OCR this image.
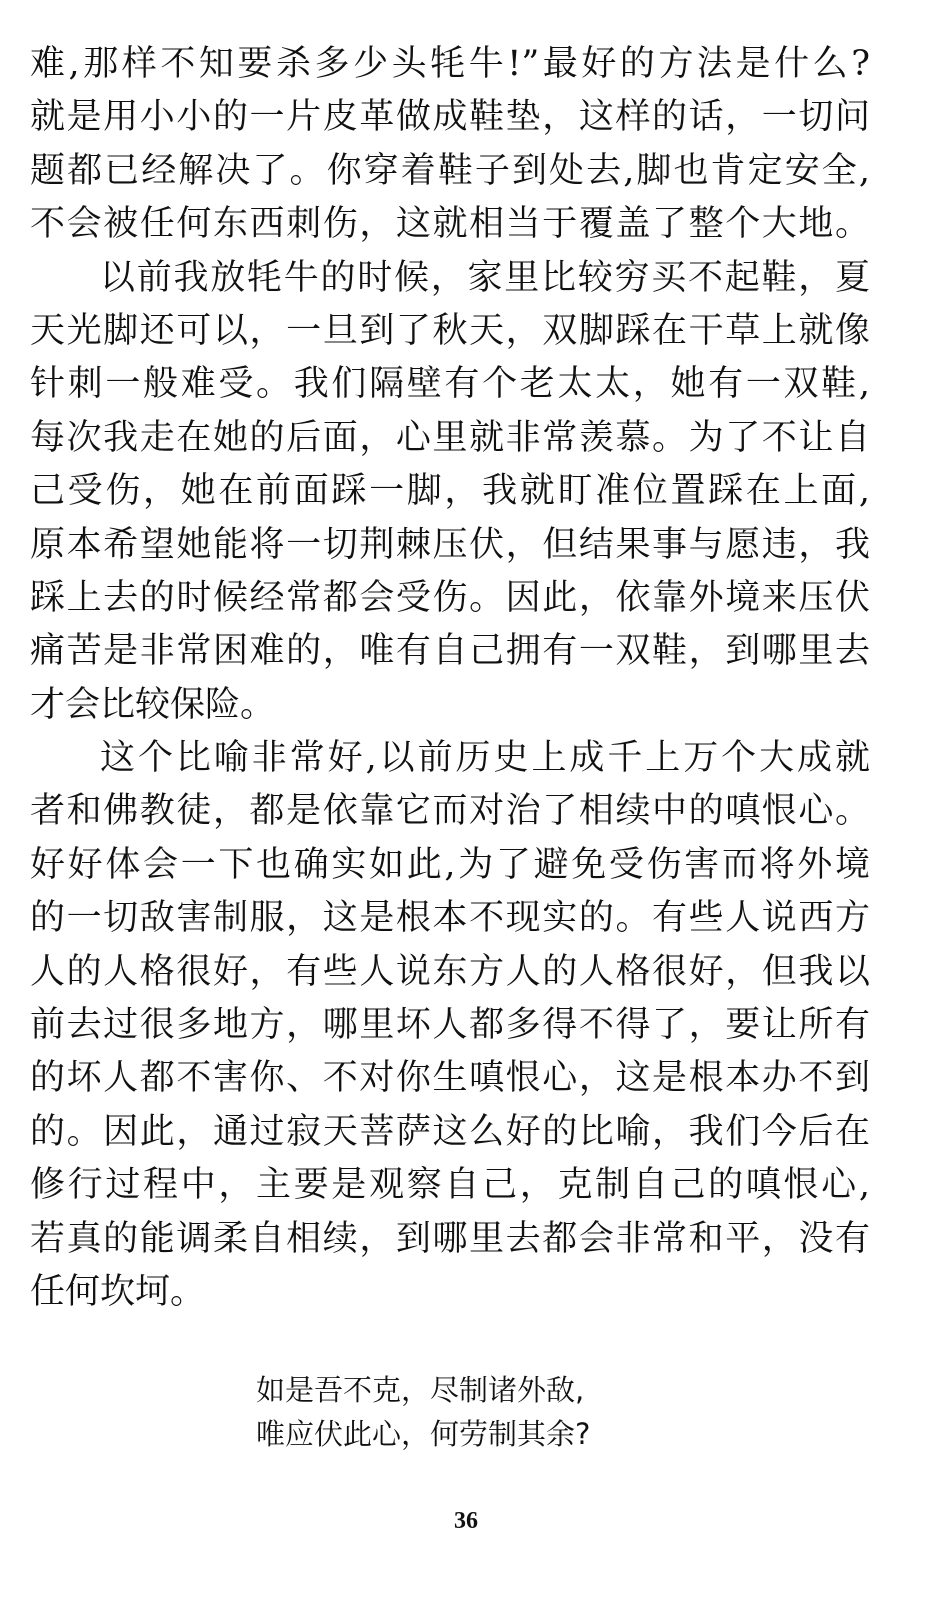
难,那样不知要杀多少头牦牛!”最好的方法是什么?
就是用小小的一片皮革做成鞋垫，这样的话，一切问
题都已经解决了。你穿着鞋子到处去,脚也肯定安全,
不会被任何东西刺伤，这就相当于覆盖了整个大地。
以前我放牦牛的时候，家里比较穷买不起鞋，夏
天光脚还可以，一旦到了秋天，双脚踩在干草上就像
针刺一般难受。我们隔壁有个老太太，她有一双鞋,
每次我走在她的后面，心里就非常羡慕。为了不让自
己受伤，她在前面踩一脚，我就盯准位置踩在上面,
原本希望她能将一切荆棘压伏，但结果事与愿违，我
踩上去的时候经常都会受伤。因此，依靠外境来压伏
痛苦是非常困难的，唯有自己拥有一双鞋，到哪里去
才会比较保险。
这个比喻非常好,以前历史上成千上万个大成就
者和佛教徒，都是依靠它而对治了相续中的嗔恨心。
好好体会一下也确实如此,为了避免受伤害而将外境
的一切敌害制服，这是根本不现实的。有些人说西方
人的人格很好，有些人说东方人的人格很好，但我以
前去过很多地方，哪里坏人都多得不得了，要让所有
的坏人都不害你、不对你生嗔恨心，这是根本办不到
的。因此，通过寂天菩萨这么好的比喻，我们今后在
修行过程中，主要是观察自己，克制自己的嗔恨心,
若真的能调柔自相续，到哪里去都会非常和平，没有
任何坎坷。
如是吾不克，尽制诸外敌,
唯应伏此心，何劳制其余?
36
